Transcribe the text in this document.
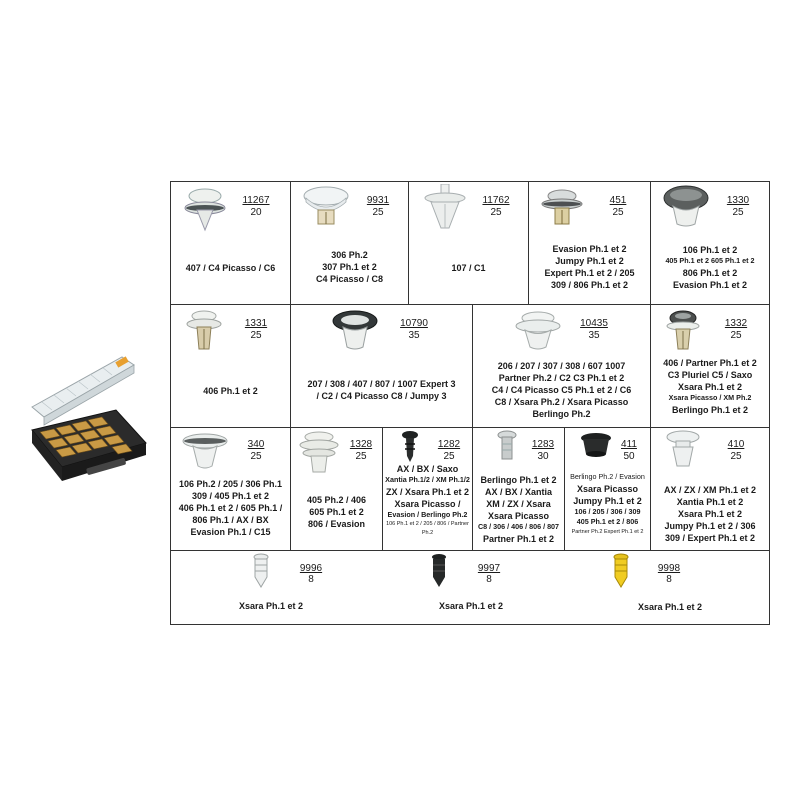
11267
20
407 / C4 Picasso / C6
9931
25
306 Ph.2
307 Ph.1 et 2
C4 Picasso / C8
11762
25
107 / C1
451
25
Evasion Ph.1 et 2
Jumpy Ph.1 et 2
Expert Ph.1 et 2 / 205
309 / 806 Ph.1 et 2
1330
25
106 Ph.1 et 2
405 Ph.1 et 2 605 Ph.1 et 2
806 Ph.1 et 2
Evasion Ph.1 et 2
1331
25
406 Ph.1 et 2
10790
35
207 / 308 / 407 / 807 / 1007 Expert 3
/ C2 / C4 Picasso C8 / Jumpy 3
10435
35
206 / 207 / 307 / 308 / 607 1007
Partner Ph.2 / C2 C3 Ph.1 et 2
C4 / C4 Picasso C5 Ph.1 et 2 / C6
C8 / Xsara Ph.2 / Xsara Picasso
Berlingo Ph.2
1332
25
406 / Partner Ph.1 et 2
C3 Pluriel C5 / Saxo
Xsara Ph.1 et 2
Xsara Picasso / XM Ph.2
Berlingo Ph.1 et 2
340
25
106 Ph.2 / 205 / 306 Ph.1
309 / 405 Ph.1 et 2
406 Ph.1 et 2 / 605 Ph.1 /
806 Ph.1 / AX / BX
Evasion Ph.1 / C15
1328
25
405 Ph.2 / 406
605 Ph.1 et 2
806 / Evasion
1282
25
AX / BX / Saxo
Xantia Ph.1/2 / XM Ph.1/2
ZX / Xsara Ph.1 et 2
Xsara Picasso /
Evasion / Berlingo Ph.2
106 Ph.1 et 2 / 205 / 806 / Partner Ph.2
1283
30
Berlingo Ph.1 et 2
AX / BX / Xantia
XM / ZX / Xsara
Xsara Picasso
C8 / 306 / 406 / 806 / 807
Partner Ph.1 et 2
411
50
Berlingo Ph.2 / Evasion
Xsara Picasso
Jumpy Ph.1 et 2
106 / 205 / 306 / 309
405 Ph.1 et 2 / 806
Partner Ph.2 Expert Ph.1 et 2
410
25
AX / ZX / XM Ph.1 et 2
Xantia Ph.1 et 2
Xsara Ph.1 et 2
Jumpy Ph.1 et 2 / 306
309 / Expert Ph.1 et 2
9996
8
Xsara Ph.1 et 2
9997
8
Xsara Ph.1 et 2
9998
8
Xsara Ph.1 et 2
